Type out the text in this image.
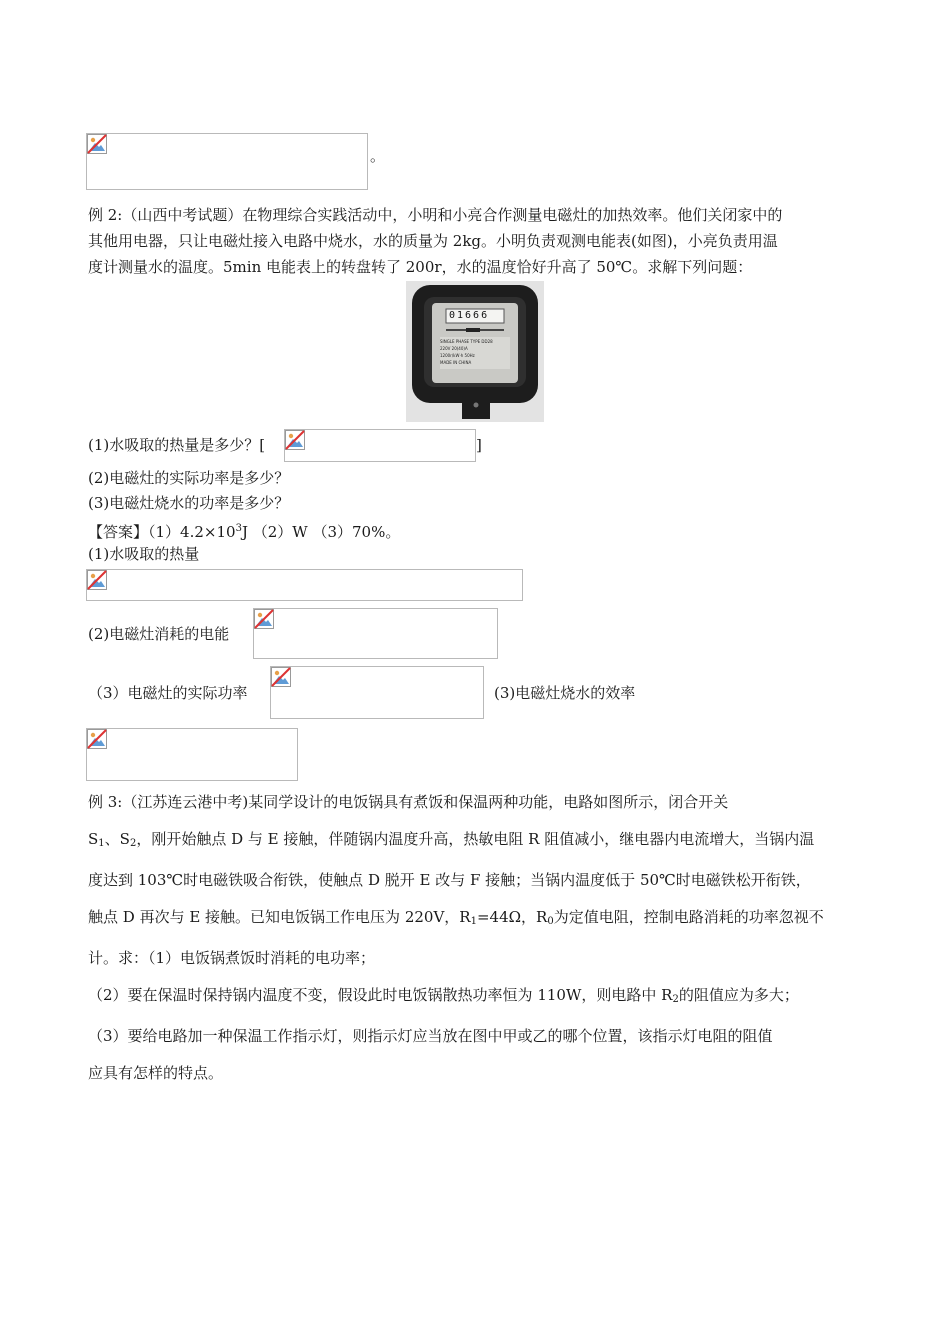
。
例 2:（山西中考试题）在物理综合实践活动中，小明和小亮合作测量电磁灶的加热效率。他们关闭家中的
其他用电器，只让电磁灶接入电路中烧水，水的质量为 2kg。小明负责观测电能表(如图)，小亮负责用温
度计测量水的温度。5min 电能表上的转盘转了 200r，水的温度恰好升高了 50℃。求解下列问题：
01666
SINGLE PHASE TYPE DD28
220V 20(40)A
1200r/kW·h 50Hz
MADE IN CHINA
(1)水吸取的热量是多少？[	]
(2)电磁灶的实际功率是多少？
(3)电磁灶烧水的功率是多少？
【答案】$(1)4.2\times 10^3J$ （2）W （3）70%。
(1)水吸取的热量
(2)电磁灶消耗的电能
（3）电磁灶的实际功率	(3)电磁灶烧水的效率
例 3:（江苏连云港中考)某同学设计的电饭锅具有煮饭和保温两种功能，电路如图所示，闭合开关
$S_1$、$S_2$，刚开始触点 D 与 E 接触，伴随锅内温度升高，热敏电阻 R 阻值减小，继电器内电流增大，当锅内温
度达到 103℃时电磁铁吸合衔铁，使触点 D 脱开 E 改与 F 接触；当锅内温度低于 50℃时电磁铁松开衔铁，
触点 D 再次与 E 接触。已知电饭锅工作电压为 220V，$R_1=44\Omega$，$R_0$为定值电阻，控制电路消耗的功率忽视不
计。求：（1）电饭锅煮饭时消耗的电功率；
（2）要在保温时保持锅内温度不变，假设此时电饭锅散热功率恒为 110W，则电路中 $R_2$的阻值应为多大；
（3）要给电路加一种保温工作指示灯，则指示灯应当放在图中甲或乙的哪个位置，该指示灯电阻的阻值
应具有怎样的特点。
